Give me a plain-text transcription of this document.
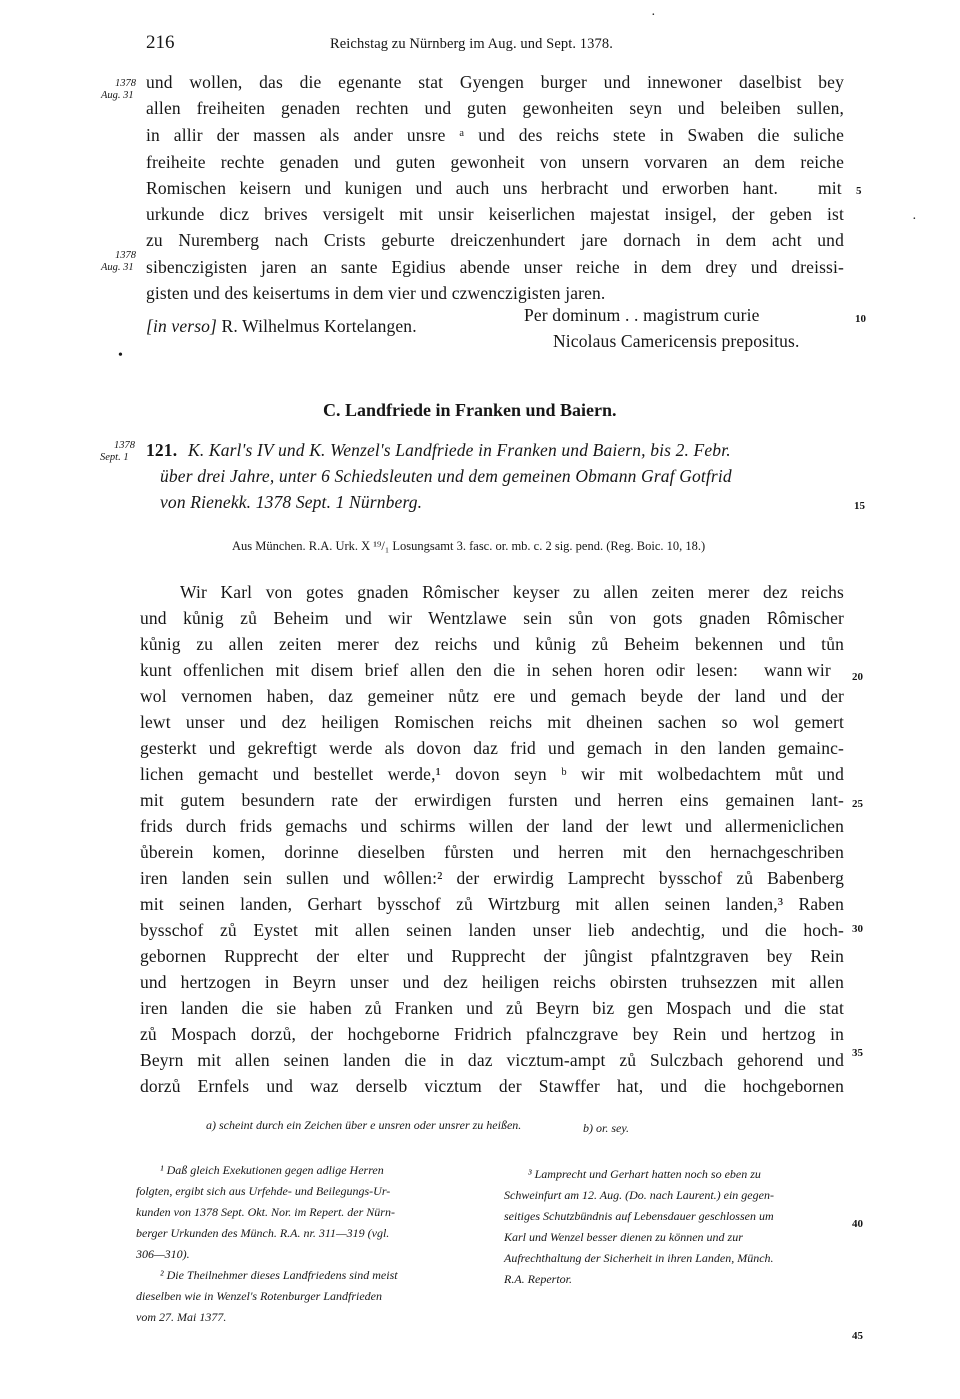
216	Reichstag zu Nürnberg im Aug. und Sept. 1378.
·
1378
Aug. 31
1378
Aug. 31
1378
Sept. 1
5
10
15
20
25
30
35
40
45
und wollen, das die egenante stat Gyengen burger und innewoner daselbist bey
allen freiheiten genaden rechten und guten gewonheiten seyn und beleiben sullen,
in allir der massen als ander unsre ᵃ und des reichs stete in Swaben die suliche
freiheite rechte genaden und guten gewonheit von unsern vorvaren an dem reiche
Romischen keisern und kunigen und auch uns herbracht und erworben hant. mit
urkunde dicz brives versigelt mit unsir keiserlichen majestat insigel, der geben ist
zu Nuremberg nach Crists geburte dreiczenhundert jare dornach in dem acht und
sibenczigisten jaren an sante Egidius abende unser reiche in dem drey und dreissi-
gisten und des keisertums in dem vier und czwenczigisten jaren.
·
[in verso] R. Wilhelmus Kortelangen.
Per dominum . . magistrum curie
Nicolaus Camericensis prepositus.
•
C. Landfriede in Franken und Baiern.
121. K. Karl's IV und K. Wenzel's Landfriede in Franken und Baiern, bis 2. Febr.
über drei Jahre, unter 6 Schiedsleuten und dem gemeinen Obmann Graf Gotfrid
von Rienekk. 1378 Sept. 1 Nürnberg.
Aus München. R.A. Urk. X ¹⁹/₁ Losungsamt 3. fasc. or. mb. c. 2 sig. pend. (Reg. Boic. 10, 18.)
Wir Karl von gotes gnaden Rômischer keyser zu allen zeiten merer dez reichs
und kůnig zů Beheim und wir Wentzlawe sein sůn von gots gnaden Rômischer
kůnig zu allen zeiten merer dez reichs und kůnig zů Beheim bekennen und tůn
kunt offenlichen mit disem brief allen den die in sehen horen odir lesen: wann wir
wol vernomen haben, daz gemeiner nůtz ere und gemach beyde der land und der
lewt unser und dez heiligen Romischen reichs mit dheinen sachen so wol gemert
gesterkt und gekreftigt werde als dovon daz frid und gemach in den landen gemainc-
lichen gemacht und bestellet werde,¹ dovon seyn ᵇ wir mit wolbedachtem můt und
mit gutem besundern rate der erwirdigen fursten und herren eins gemainen lant-
frids durch frids gemachs und schirms willen der land der lewt und allermeniclichen
ůberein komen, dorinne dieselben fůrsten und herren mit den hernachgeschriben
iren landen sein sullen und wôllen:² der erwirdig Lamprecht bysschof zů Babenberg
mit seinen landen, Gerhart bysschof zů Wirtzburg mit allen seinen landen,³ Raben
bysschof zů Eystet mit allen seinen landen unser lieb andechtig, und die hoch-
gebornen Rupprecht der elter und Rupprecht der jûngist pfalntzgraven bey Rein
und hertzogen in Beyrn unser und dez heiligen reichs obirsten truhsezzen mit allen
iren landen die sie haben zů Franken und zů Beyrn biz gen Mospach und die stat
zů Mospach dorzů, der hochgeborne Fridrich pfalnczgrave bey Rein und hertzog in
Beyrn mit allen seinen landen die in daz vicztum-ampt zů Sulczbach gehorend und
dorzů Ernfels und waz derselb vicztum der Stawffer hat, und die hochgebornen
a) scheint durch ein Zeichen über e unsren oder unsrer zu heißen.	b) or. sey.
¹ Daß gleich Exekutionen gegen adlige Herren
folgten, ergibt sich aus Urfehde- und Beilegungs-Ur-
kunden von 1378 Sept. Okt. Nor. im Repert. der Nürn-
berger Urkunden des Münch. R.A. nr. 311—319 (vgl.
306—310).
² Die Theilnehmer dieses Landfriedens sind meist
dieselben wie in Wenzel's Rotenburger Landfrieden
vom 27. Mai 1377.
³ Lamprecht und Gerhart hatten noch so eben zu
Schweinfurt am 12. Aug. (Do. nach Laurent.) ein gegen-
seitiges Schutzbündnis auf Lebensdauer geschlossen um
Karl und Wenzel besser dienen zu können und zur
Aufrechthaltung der Sicherheit in ihren Landen, Münch.
R.A. Repertor.
